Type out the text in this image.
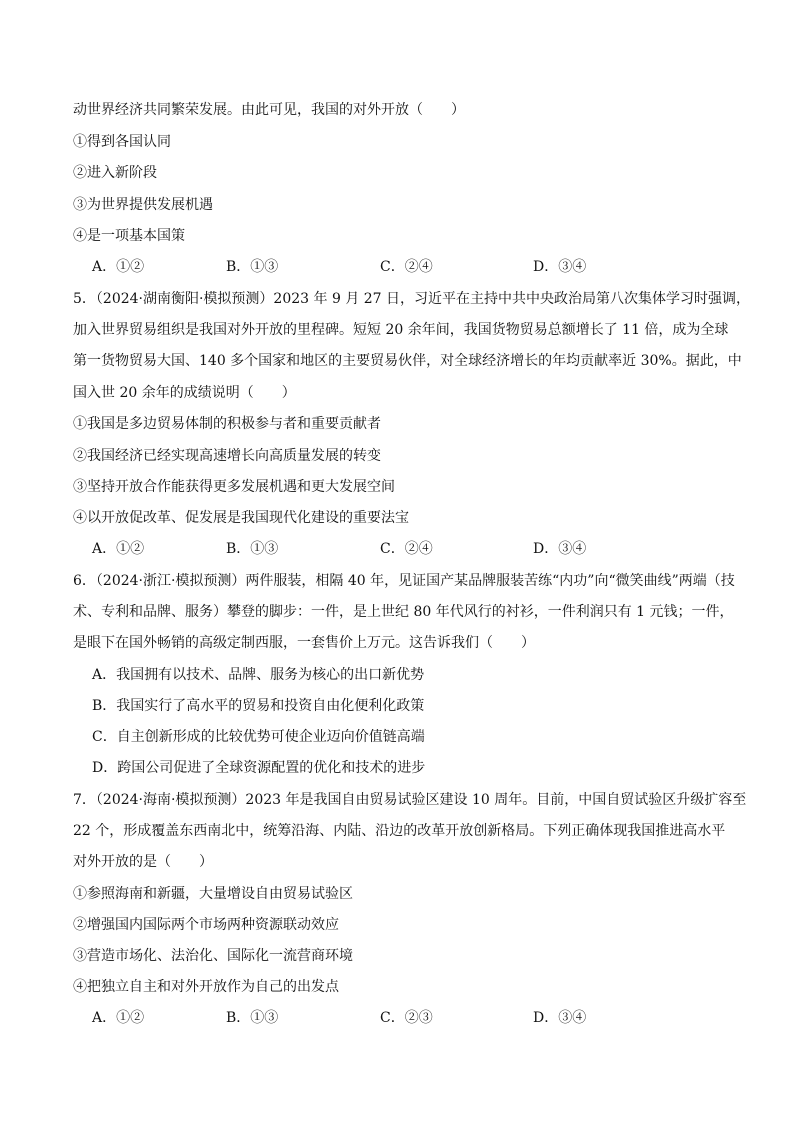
动世界经济共同繁荣发展。由此可见，我国的对外开放（　　）
①得到各国认同
②进入新阶段
③为世界提供发展机遇
④是一项基本国策
A．①②	B．①③	C．②④	D．③④
5．（2024·湖南衡阳·模拟预测）2023 年 9 月 27 日，习近平在主持中共中央政治局第八次集体学习时强调，
加入世界贸易组织是我国对外开放的里程碑。短短 20 余年间，我国货物贸易总额增长了 11 倍，成为全球
第一货物贸易大国、140 多个国家和地区的主要贸易伙伴，对全球经济增长的年均贡献率近 30%。据此，中
国入世 20 余年的成绩说明（　　）
①我国是多边贸易体制的积极参与者和重要贡献者
②我国经济已经实现高速增长向高质量发展的转变
③坚持开放合作能获得更多发展机遇和更大发展空间
④以开放促改革、促发展是我国现代化建设的重要法宝
A．①②	B．①③	C．②④	D．③④
6．（2024·浙江·模拟预测）两件服装，相隔 40 年，见证国产某品牌服装苦练“内功”向“微笑曲线”两端（技
术、专利和品牌、服务）攀登的脚步：一件，是上世纪 80 年代风行的衬衫，一件利润只有 1 元钱；一件，
是眼下在国外畅销的高级定制西服，一套售价上万元。这告诉我们（　　）
A．我国拥有以技术、品牌、服务为核心的出口新优势
B．我国实行了高水平的贸易和投资自由化便利化政策
C．自主创新形成的比较优势可使企业迈向价值链高端
D．跨国公司促进了全球资源配置的优化和技术的进步
7．（2024·海南·模拟预测）2023 年是我国自由贸易试验区建设 10 周年。目前，中国自贸试验区升级扩容至
22 个，形成覆盖东西南北中，统筹沿海、内陆、沿边的改革开放创新格局。下列正确体现我国推进高水平
对外开放的是（　　）
①参照海南和新疆，大量增设自由贸易试验区
②增强国内国际两个市场两种资源联动效应
③营造市场化、法治化、国际化一流营商环境
④把独立自主和对外开放作为自己的出发点
A．①②	B．①③	C．②③	D．③④
